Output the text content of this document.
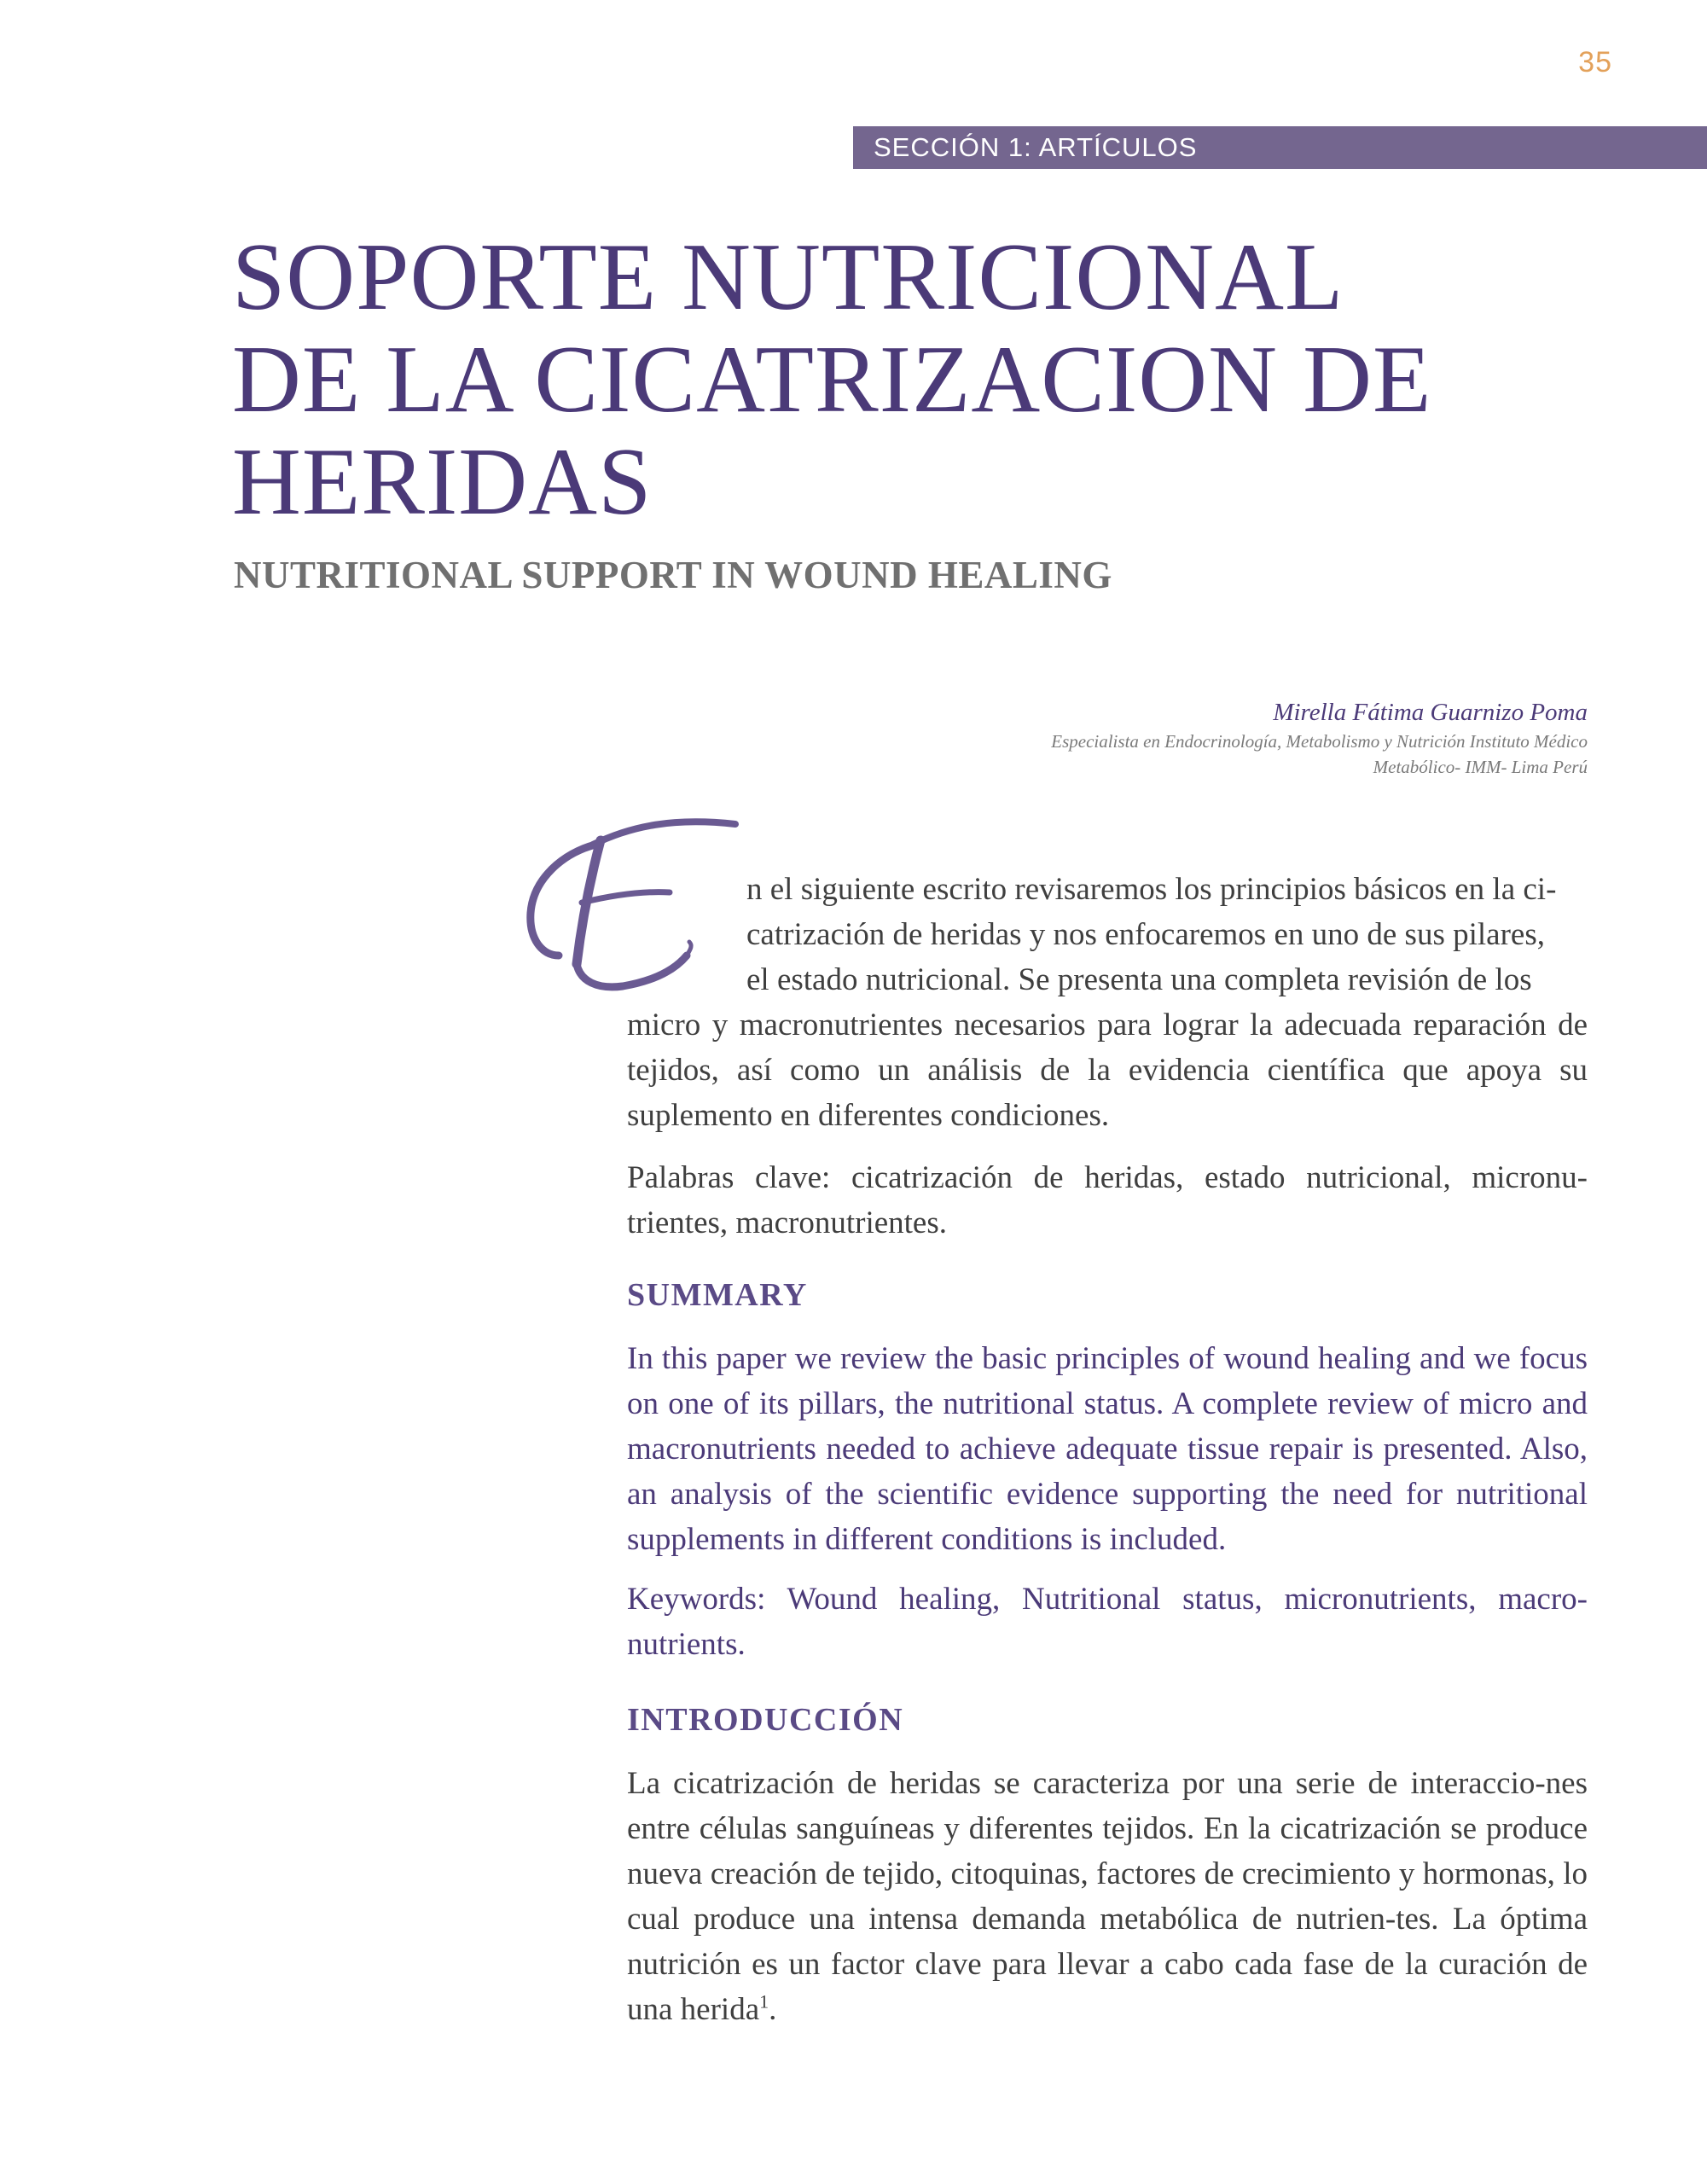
35
SECCIÓN 1: ARTÍCULOS
SOPORTE NUTRICIONAL
DE LA CICATRIZACION DE
HERIDAS
NUTRITIONAL SUPPORT IN WOUND HEALING
Mirella Fátima Guarnizo Poma
Especialista en Endocrinología, Metabolismo y Nutrición Instituto Médico
Metabólico- IMM- Lima Perú
E

n el siguiente escrito revisaremos los principios básicos en la ci-
catrización de heridas y nos enfocaremos en uno de sus pilares,
el estado nutricional. Se presenta una completa revisión de los
micro y macronutrientes necesarios para lograr la adecuada reparación de tejidos, así como un análisis de la evidencia científica que apoya su suplemento en diferentes condiciones.

Palabras clave: cicatrización de heridas, estado nutricional, micronu-trientes, macronutrientes.

SUMMARY

In this paper we review the basic principles of wound healing and we focus on one of its pillars, the nutritional status. A complete review of micro and macronutrients needed to achieve adequate tissue repair is presented. Also, an analysis of the scientific evidence supporting the need for nutritional supplements in different conditions is included.

Keywords: Wound healing, Nutritional status, micronutrients, macro-nutrients.

INTRODUCCIÓN

La cicatrización de heridas se caracteriza por una serie de interaccio-nes entre células sanguíneas y diferentes tejidos. En la cicatrización se produce nueva creación de tejido, citoquinas, factores de crecimiento y hormonas, lo cual produce una intensa demanda metabólica de nutrien-tes. La óptima nutrición es un factor clave para llevar a cabo cada fase de la curación de una herida$^1$.
